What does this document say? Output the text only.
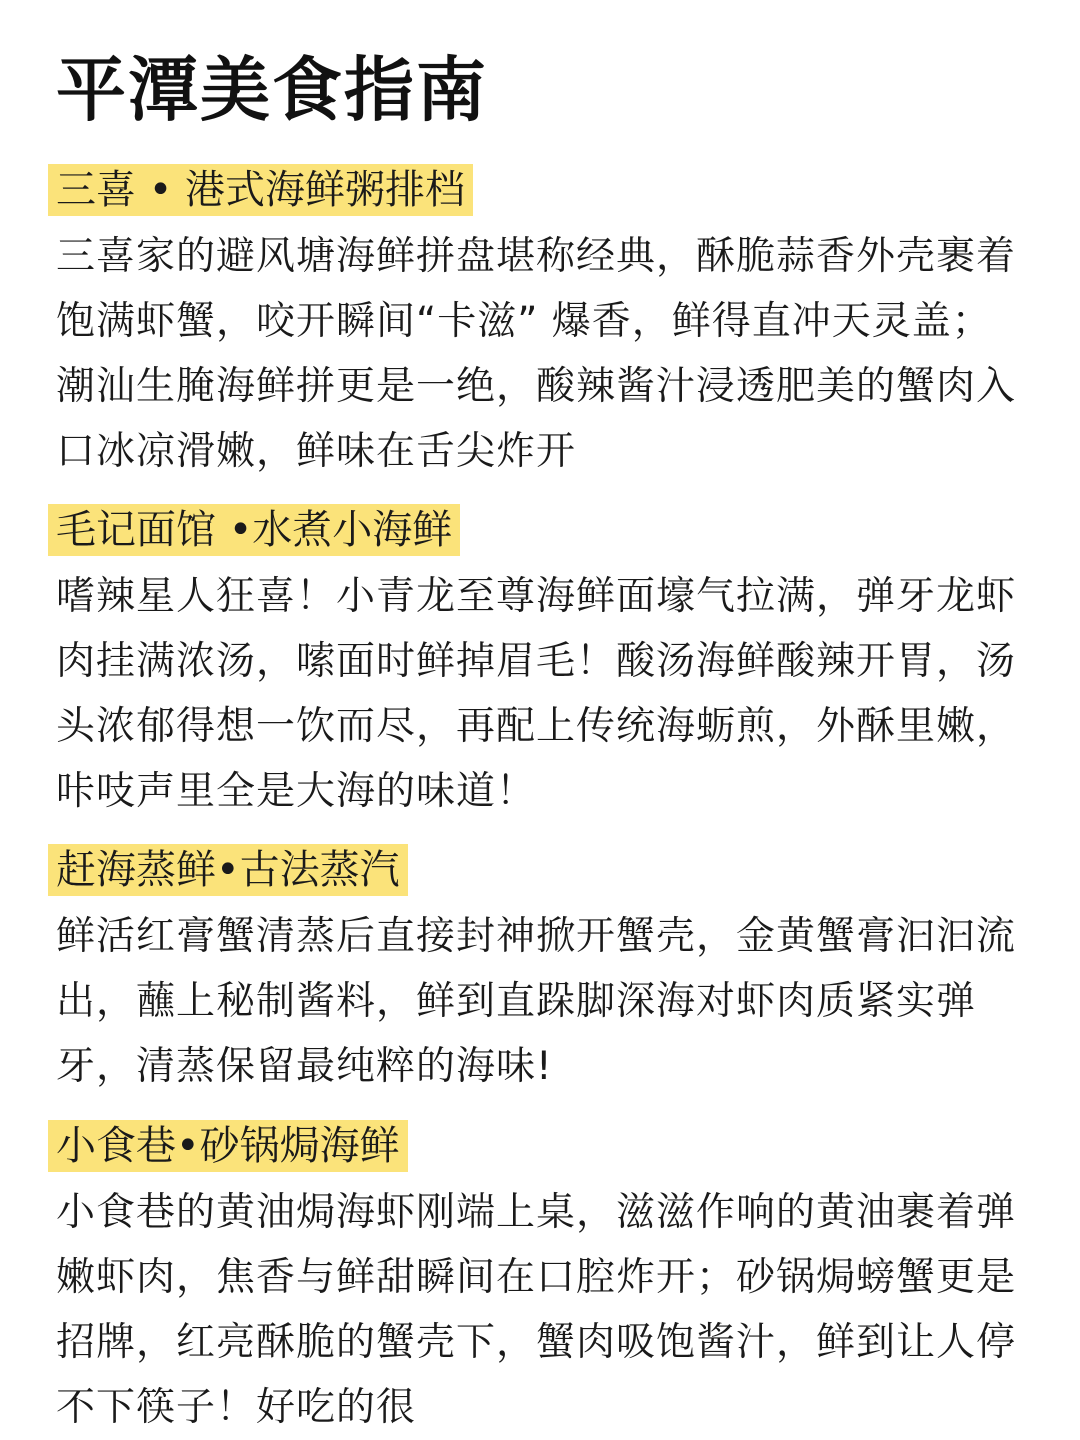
平潭美食指南
三喜 • 港式海鲜粥排档

三喜家的避风塘海鲜拼盘堪称经典，酥脆蒜香外壳裹着饱满虾蟹，咬开瞬间“卡滋” 爆香，鲜得直冲天灵盖；潮汕生腌海鲜拼更是一绝，酸辣酱汁浸透肥美的蟹肉入口冰凉滑嫩，鲜味在舌尖炸开

毛记面馆 •水煮小海鲜

嗜辣星人狂喜！小青龙至尊海鲜面壕气拉满，弹牙龙虾肉挂满浓汤，嗦面时鲜掉眉毛！酸汤海鲜酸辣开胃，汤头浓郁得想一饮而尽，再配上传统海蛎煎，外酥里嫩，咔吱声里全是大海的味道！

赶海蒸鲜•古法蒸汽

鲜活红膏蟹清蒸后直接封神掀开蟹壳，金黄蟹膏汩汩流出，蘸上秘制酱料，鲜到直跺脚深海对虾肉质紧实弹牙，清蒸保留最纯粹的海味!

小食巷•砂锅焗海鲜

小食巷的黄油焗海虾刚端上桌，滋滋作响的黄油裹着弹嫩虾肉，焦香与鲜甜瞬间在口腔炸开；砂锅焗螃蟹更是招牌，红亮酥脆的蟹壳下，蟹肉吸饱酱汁，鲜到让人停不下筷子！好吃的很
